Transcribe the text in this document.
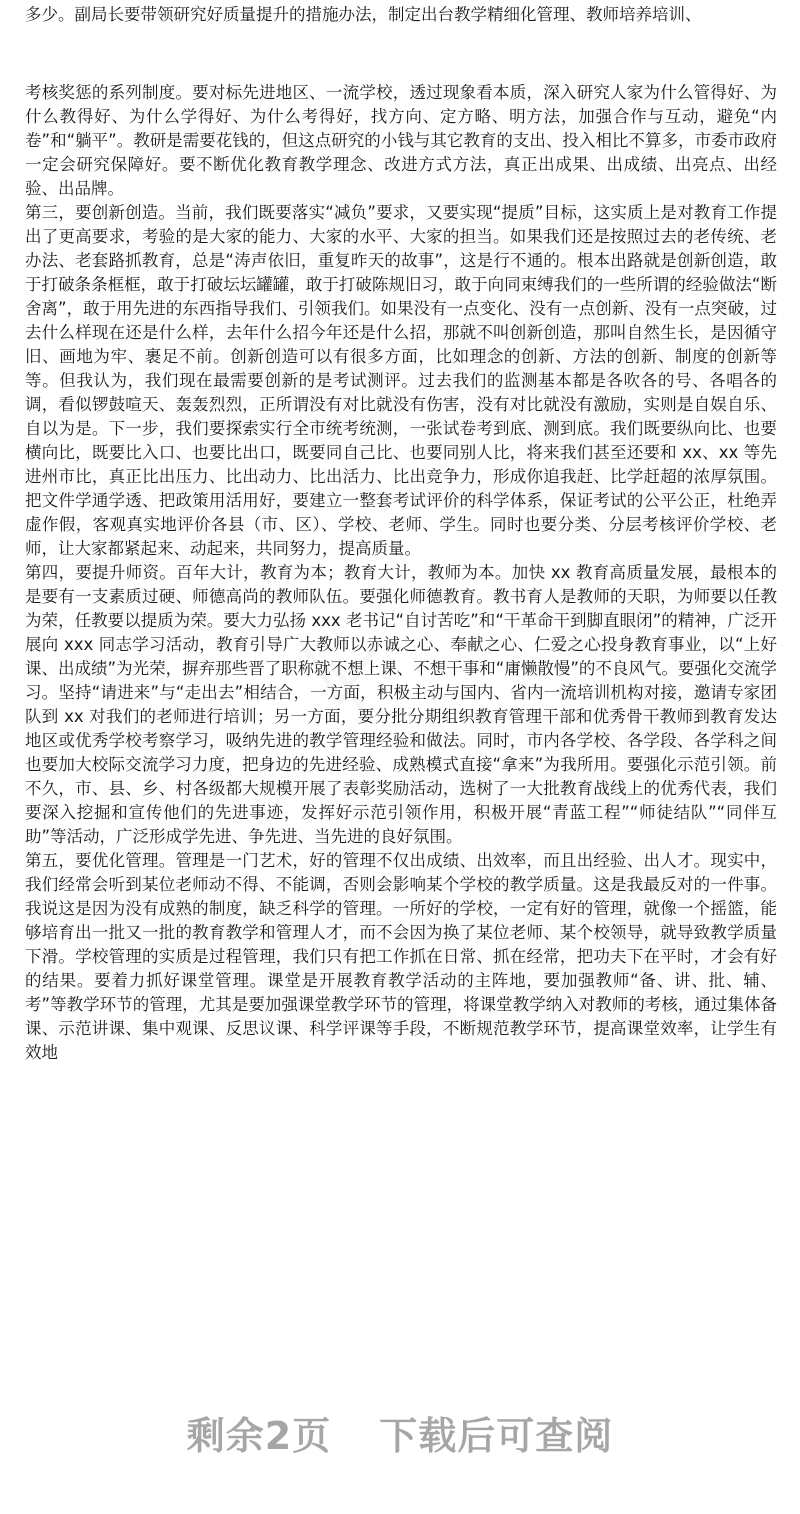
多少。副局长要带领研究好质量提升的措施办法，制定出台教学精细化管理、教师培养培训、

考核奖惩的系列制度。要对标先进地区、一流学校，透过现象看本质，深入研究人家为什么管得好、为什么教得好、为什么学得好、为什么考得好，找方向、定方略、明方法，加强合作与互动，避免“内卷”和“躺平”。教研是需要花钱的，但这点研究的小钱与其它教育的支出、投入相比不算多，市委市政府一定会研究保障好。要不断优化教育教学理念、改进方式方法，真正出成果、出成绩、出亮点、出经验、出品牌。

第三，要创新创造。当前，我们既要落实“减负”要求，又要实现“提质”目标，这实质上是对教育工作提出了更高要求，考验的是大家的能力、大家的水平、大家的担当。如果我们还是按照过去的老传统、老办法、老套路抓教育，总是“涛声依旧，重复昨天的故事”，这是行不通的。根本出路就是创新创造，敢于打破条条框框，敢于打破坛坛罐罐，敢于打破陈规旧习，敢于向同束缚我们的一些所谓的经验做法“断舍离”，敢于用先进的东西指导我们、引领我们。如果没有一点变化、没有一点创新、没有一点突破，过去什么样现在还是什么样，去年什么招今年还是什么招，那就不叫创新创造，那叫自然生长，是因循守旧、画地为牢、裹足不前。创新创造可以有很多方面，比如理念的创新、方法的创新、制度的创新等等。但我认为，我们现在最需要创新的是考试测评。过去我们的监测基本都是各吹各的号、各唱各的调，看似锣鼓喧天、轰轰烈烈，正所谓没有对比就没有伤害，没有对比就没有激励，实则是自娱自乐、自以为是。下一步，我们要探索实行全市统考统测，一张试卷考到底、测到底。我们既要纵向比、也要横向比，既要比入口、也要比出口，既要同自己比、也要同别人比，将来我们甚至还要和 xx、xx 等先进州市比，真正比出压力、比出动力、比出活力、比出竞争力，形成你追我赶、比学赶超的浓厚氛围。把文件学通学透、把政策用活用好，要建立一整套考试评价的科学体系，保证考试的公平公正，杜绝弄虚作假，客观真实地评价各县（市、区）、学校、老师、学生。同时也要分类、分层考核评价学校、老师，让大家都紧起来、动起来，共同努力，提高质量。

第四，要提升师资。百年大计，教育为本；教育大计，教师为本。加快 xx 教育高质量发展，最根本的是要有一支素质过硬、师德高尚的教师队伍。要强化师德教育。教书育人是教师的天职，为师要以任教为荣，任教要以提质为荣。要大力弘扬 xxx 老书记“自讨苦吃”和“干革命干到脚直眼闭”的精神，广泛开展向 xxx 同志学习活动，教育引导广大教师以赤诚之心、奉献之心、仁爱之心投身教育事业，以“上好课、出成绩”为光荣，摒弃那些晋了职称就不想上课、不想干事和“庸懒散慢”的不良风气。要强化交流学习。坚持“请进来”与“走出去”相结合，一方面，积极主动与国内、省内一流培训机构对接，邀请专家团队到 xx 对我们的老师进行培训；另一方面，要分批分期组织教育管理干部和优秀骨干教师到教育发达地区或优秀学校考察学习，吸纳先进的教学管理经验和做法。同时，市内各学校、各学段、各学科之间也要加大校际交流学习力度，把身边的先进经验、成熟模式直接“拿来”为我所用。要强化示范引领。前不久，市、县、乡、村各级都大规模开展了表彰奖励活动，选树了一大批教育战线上的优秀代表，我们要深入挖掘和宣传他们的先进事迹，发挥好示范引领作用，积极开展“青蓝工程”“师徒结队”“同伴互助”等活动，广泛形成学先进、争先进、当先进的良好氛围。

第五，要优化管理。管理是一门艺术，好的管理不仅出成绩、出效率，而且出经验、出人才。现实中，我们经常会听到某位老师动不得、不能调，否则会影响某个学校的教学质量。这是我最反对的一件事。我说这是因为没有成熟的制度，缺乏科学的管理。一所好的学校，一定有好的管理，就像一个摇篮，能够培育出一批又一批的教育教学和管理人才，而不会因为换了某位老师、某个校领导，就导致教学质量下滑。学校管理的实质是过程管理，我们只有把工作抓在日常、抓在经常，把功夫下在平时，才会有好的结果。要着力抓好课堂管理。课堂是开展教育教学活动的主阵地，要加强教师“备、讲、批、辅、考”等教学环节的管理，尤其是要加强课堂教学环节的管理，将课堂教学纳入对教师的考核，通过集体备课、示范讲课、集中观课、反思议课、科学评课等手段，不断规范教学环节，提高课堂效率，让学生有效地

剩余2页 下载后可查阅
